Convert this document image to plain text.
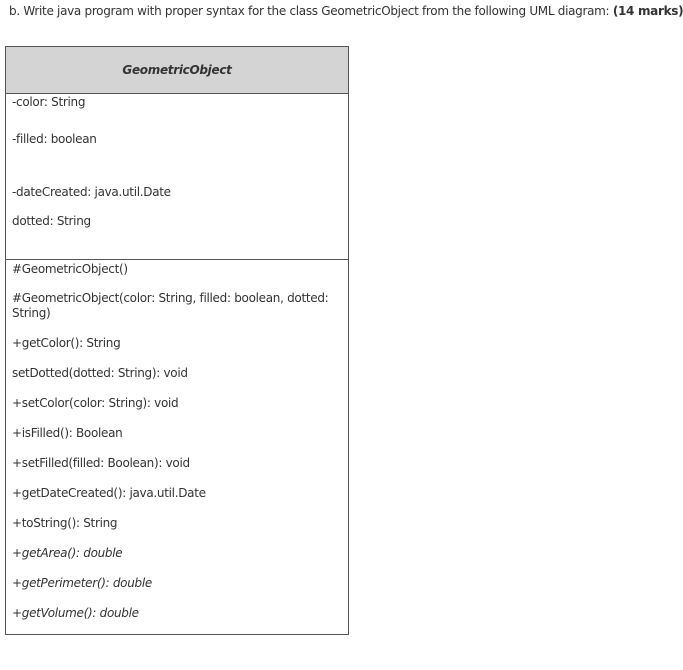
b. Write java program with proper syntax for the class GeometricObject from the following UML diagram: (14 marks)
GeometricObject
-color: String
-filled: boolean
-dateCreated: java.util.Date
dotted: String
#GeometricObject()
#GeometricObject(color: String, filled: boolean, dotted: String)
+getColor(): String
setDotted(dotted: String): void
+setColor(color: String): void
+isFilled(): Boolean
+setFilled(filled: Boolean): void
+getDateCreated(): java.util.Date
+toString(): String
+getArea(): double
+getPerimeter(): double
+getVolume(): double
